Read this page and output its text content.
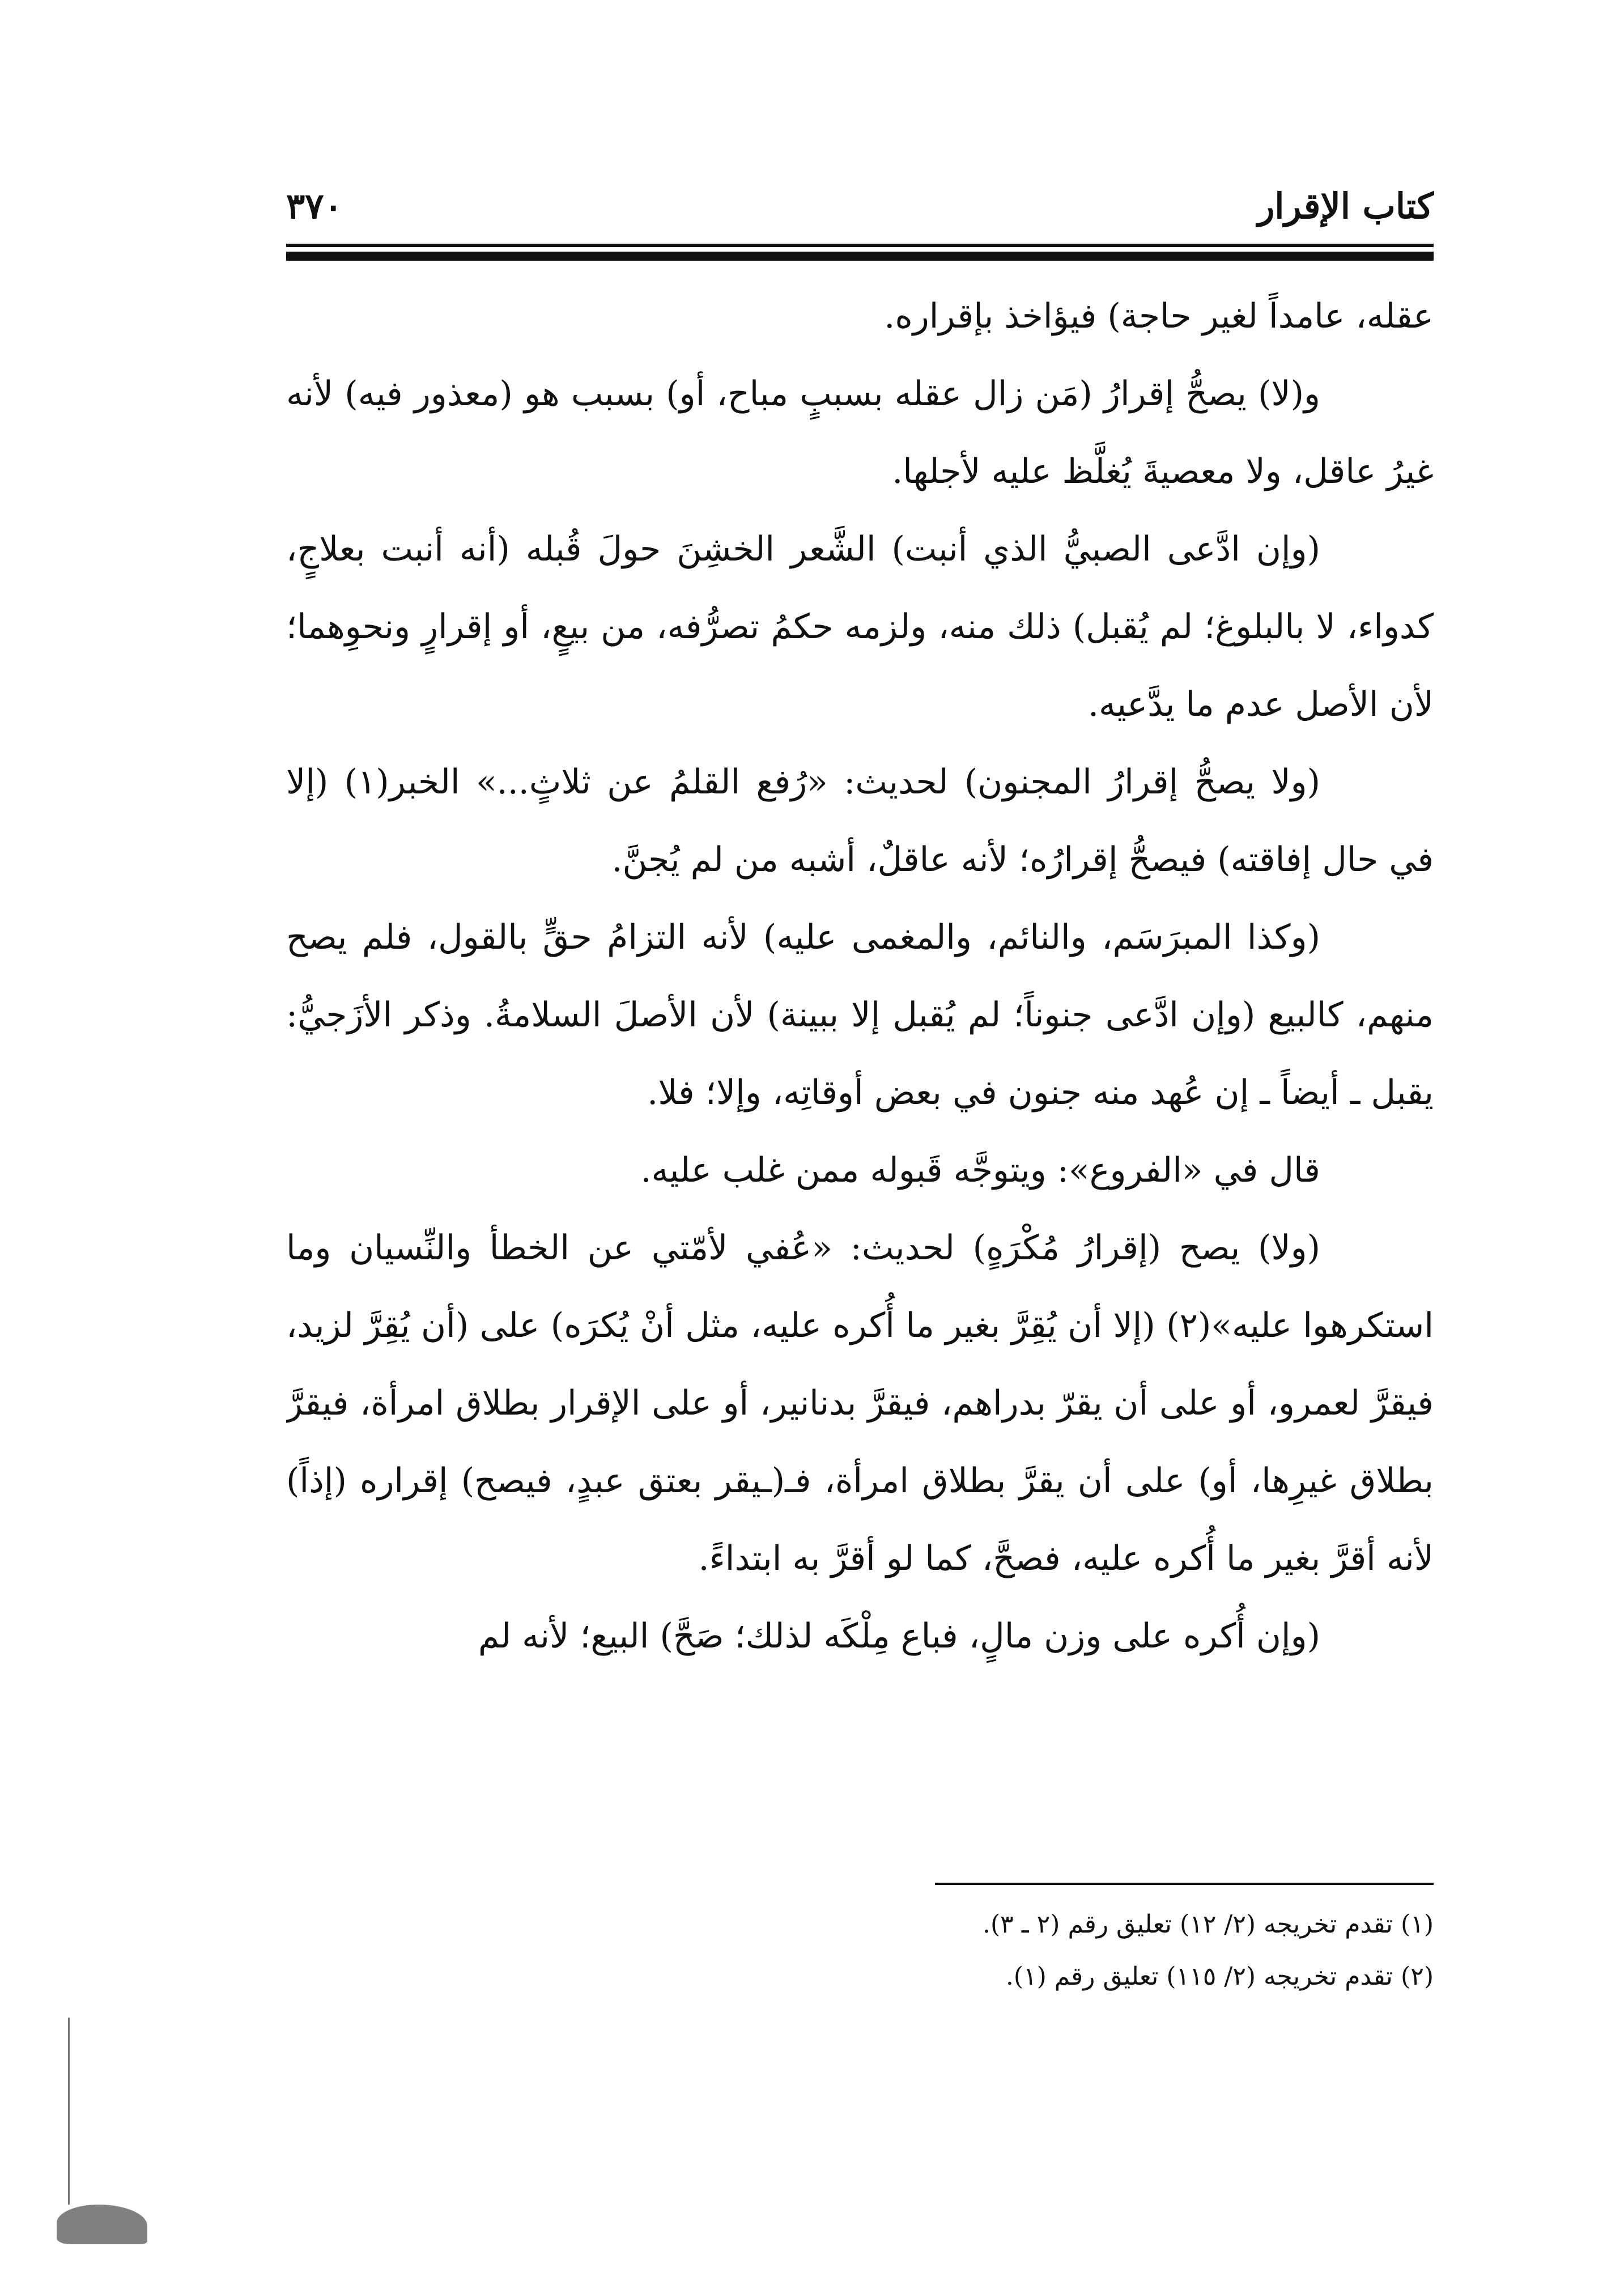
كتاب الإقرار
٣٧٠

عقله، عامداً لغير حاجة) فيؤاخذ بإقراره.

و(لا) يصحُّ إقرارُ (مَن زال عقله بسببٍ مباح، أو) بسبب هو (معذور فيه) لأنه غيرُ عاقل، ولا معصيةَ يُغلَّظ عليه لأجلها.

(وإن ادَّعى الصبيُّ الذي أنبت) الشَّعر الخشِنَ حولَ قُبله (أنه أنبت بعلاجٍ، كدواء، لا بالبلوغ؛ لم يُقبل) ذلك منه، ولزمه حكمُ تصرُّفه، من بيعٍ، أو إقرارٍ ونحوِهما؛ لأن الأصل عدم ما يدَّعيه.

(ولا يصحُّ إقرارُ المجنون) لحديث: «رُفع القلمُ عن ثلاثٍ...» الخبر(١) (إلا في حال إفاقته) فيصحُّ إقرارُه؛ لأنه عاقلٌ، أشبه من لم يُجنَّ.

(وكذا المبرَسَم، والنائم، والمغمى عليه) لأنه التزامُ حقٍّ بالقول، فلم يصح منهم، كالبيع (وإن ادَّعى جنوناً؛ لم يُقبل إلا ببينة) لأن الأصلَ السلامةُ. وذكر الأزَجيُّ: يقبل ـ أيضاً ـ إن عُهد منه جنون في بعض أوقاتِه، وإلا؛ فلا.

قال في «الفروع»: ويتوجَّه قَبوله ممن غلب عليه.

(ولا) يصح (إقرارُ مُكْرَهٍ) لحديث: «عُفي لأمّتي عن الخطأ والنِّسيان وما استكرهوا عليه»(٢) (إلا أن يُقِرَّ بغير ما أُكره عليه، مثل أنْ يُكرَه) على (أن يُقِرَّ لزيد، فيقرَّ لعمرو، أو على أن يقرّ بدراهم، فيقرَّ بدنانير، أو على الإقرار بطلاق امرأة، فيقرَّ بطلاق غيرِها، أو) على أن يقرَّ بطلاق امرأة، فـ(ـيقر بعتق عبدٍ، فيصح) إقراره (إذاً) لأنه أقرَّ بغير ما أُكره عليه، فصحَّ، كما لو أقرَّ به ابتداءً.

(وإن أُكره على وزن مالٍ، فباع مِلْكَه لذلك؛ صَحَّ) البيع؛ لأنه لم

(١) تقدم تخريجه (٢/ ١٢) تعليق رقم (٢ ـ ٣).

(٢) تقدم تخريجه (٢/ ١١٥) تعليق رقم (١).
